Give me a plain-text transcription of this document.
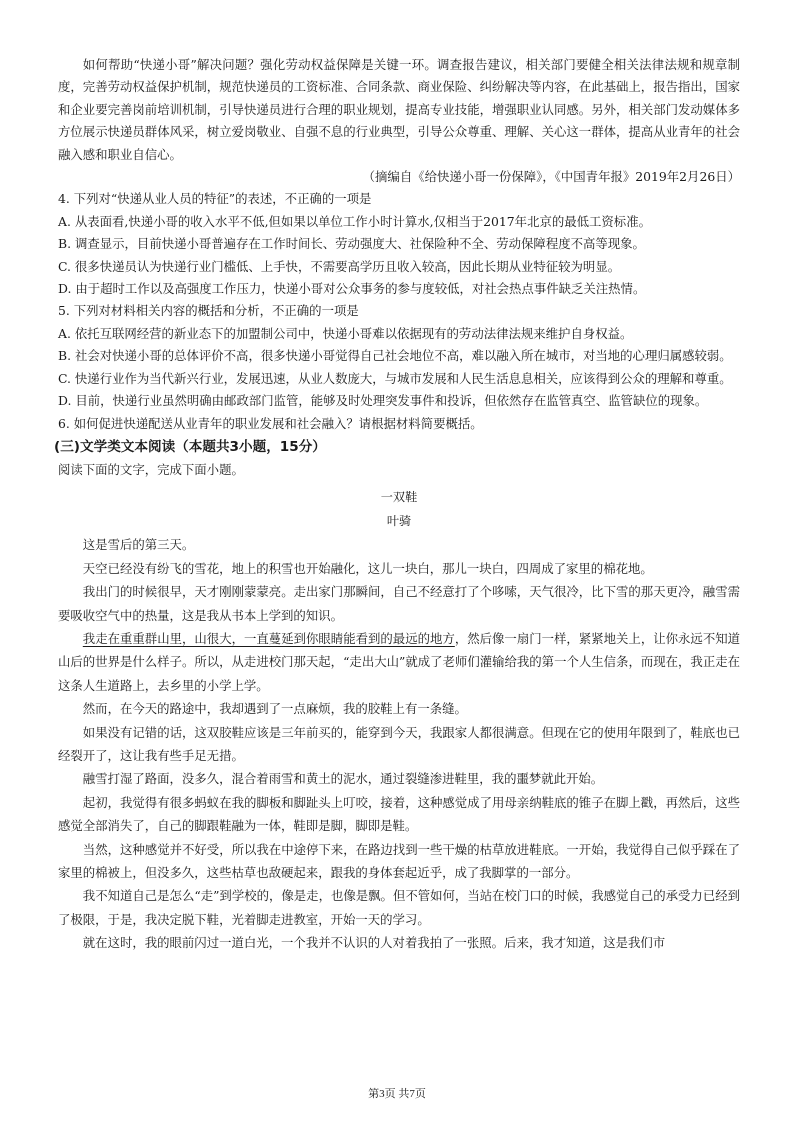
如何帮助“快递小哥”解决问题？强化劳动权益保障是关键一环。调查报告建议，相关部门要健全相关法律法规和规章制度，完善劳动权益保护机制，规范快递员的工资标准、合同条款、商业保险、纠纷解决等内容，在此基础上，报告指出，国家和企业要完善岗前培训机制，引导快递员进行合理的职业规划，提高专业技能，增强职业认同感。另外，相关部门发动媒体多方位展示快递员群体风采，树立爱岗敬业、自强不息的行业典型，引导公众尊重、理解、关心这一群体，提高从业青年的社会融入感和职业自信心。

（摘编自《给快递小哥一份保障》，《中国青年报》2019年2月26日）

4. 下列对“快递从业人员的特征”的表述，不正确的一项是

A. 从表面看,快递小哥的收入水平不低,但如果以单位工作小时计算水,仅相当于2017年北京的最低工资标准。

B. 调查显示，目前快递小哥普遍存在工作时间长、劳动强度大、社保险种不全、劳动保障程度不高等现象。

C. 很多快递员认为快递行业门槛低、上手快，不需要高学历且收入较高，因此长期从业特征较为明显。

D. 由于超时工作以及高强度工作压力，快递小哥对公众事务的参与度较低，对社会热点事件缺乏关注热情。

5. 下列对材料相关内容的概括和分析，不正确的一项是

A. 依托互联网经营的新业态下的加盟制公司中，快递小哥难以依据现有的劳动法律法规来维护自身权益。

B. 社会对快递小哥的总体评价不高，很多快递小哥觉得自己社会地位不高，难以融入所在城市，对当地的心理归属感较弱。

C. 快递行业作为当代新兴行业，发展迅速，从业人数庞大，与城市发展和人民生活息息相关，应该得到公众的理解和尊重。

D. 目前，快递行业虽然明确由邮政部门监管，能够及时处理突发事件和投诉，但依然存在监管真空、监管缺位的现象。

6. 如何促进快递配送从业青年的职业发展和社会融入？请根据材料简要概括。

(三)文学类文本阅读（本题共3小题，15分）

阅读下面的文字，完成下面小题。

一双鞋

叶骑

这是雪后的第三天。

天空已经没有纷飞的雪花，地上的积雪也开始融化，这儿一块白，那儿一块白，四周成了家里的棉花地。

我出门的时候很早，天才刚刚蒙蒙亮。走出家门那瞬间，自己不经意打了个哆嗦，天气很冷，比下雪的那天更冷，融雪需要吸收空气中的热量，这是我从书本上学到的知识。

我走在重重群山里，山很大，一直蔓延到你眼睛能看到的最远的地方，然后像一扇门一样，紧紧地关上，让你永远不知道山后的世界是什么样子。所以，从走进校门那天起，“走出大山”就成了老师们灌输给我的第一个人生信条，而现在，我正走在这条人生道路上，去乡里的小学上学。

然而，在今天的路途中，我却遇到了一点麻烦，我的胶鞋上有一条缝。

如果没有记错的话，这双胶鞋应该是三年前买的，能穿到今天，我跟家人都很满意。但现在它的使用年限到了，鞋底也已经裂开了，这让我有些手足无措。

融雪打湿了路面，没多久，混合着雨雪和黄土的泥水，通过裂缝渗进鞋里，我的噩梦就此开始。

起初，我觉得有很多蚂蚁在我的脚板和脚趾头上叮咬，接着，这种感觉成了用母亲纳鞋底的锥子在脚上戳，再然后，这些感觉全部消失了，自己的脚跟鞋融为一体，鞋即是脚，脚即是鞋。

当然，这种感觉并不好受，所以我在中途停下来，在路边找到一些干燥的枯草放进鞋底。一开始，我觉得自己似乎踩在了家里的棉被上，但没多久，这些枯草也敌硬起来，跟我的身体套起近乎，成了我脚掌的一部分。

我不知道自己是怎么“走”到学校的，像是走，也像是飘。但不管如何，当站在校门口的时候，我感觉自己的承受力已经到了极限，于是，我决定脱下鞋，光着脚走进教室，开始一天的学习。

就在这时，我的眼前闪过一道白光，一个我并不认识的人对着我拍了一张照。后来，我才知道，这是我们市

第3页 共7页
